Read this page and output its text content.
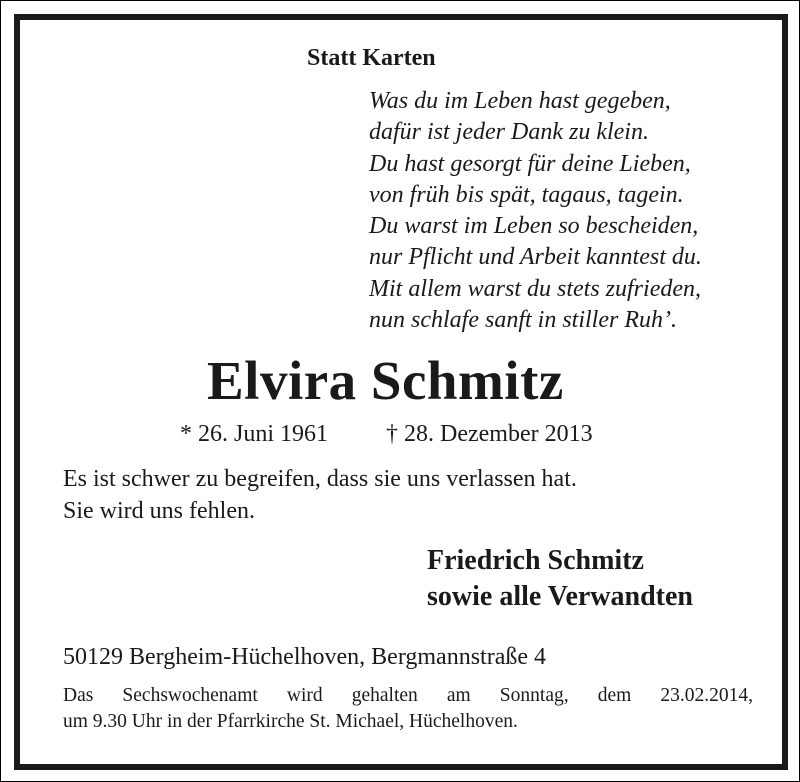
Statt Karten

Was du im Leben hast gegeben,
dafür ist jeder Dank zu klein.
Du hast gesorgt für deine Lieben,
von früh bis spät, tagaus, tagein.
Du warst im Leben so bescheiden,
nur Pflicht und Arbeit kanntest du.
Mit allem warst du stets zufrieden,
nun schlafe sanft in stiller Ruh’.
Elvira Schmitz
* 26. Juni 1961 † 28. Dezember 2013
Es ist schwer zu begreifen, dass sie uns verlassen hat.
Sie wird uns fehlen.
Friedrich Schmitz
sowie alle Verwandten

50129 Bergheim-Hüchelhoven, Bergmannstraße 4

Das Sechswochenamt wird gehalten am Sonntag, dem 23.02.2014,
um 9.30 Uhr in der Pfarrkirche St. Michael, Hüchelhoven.
